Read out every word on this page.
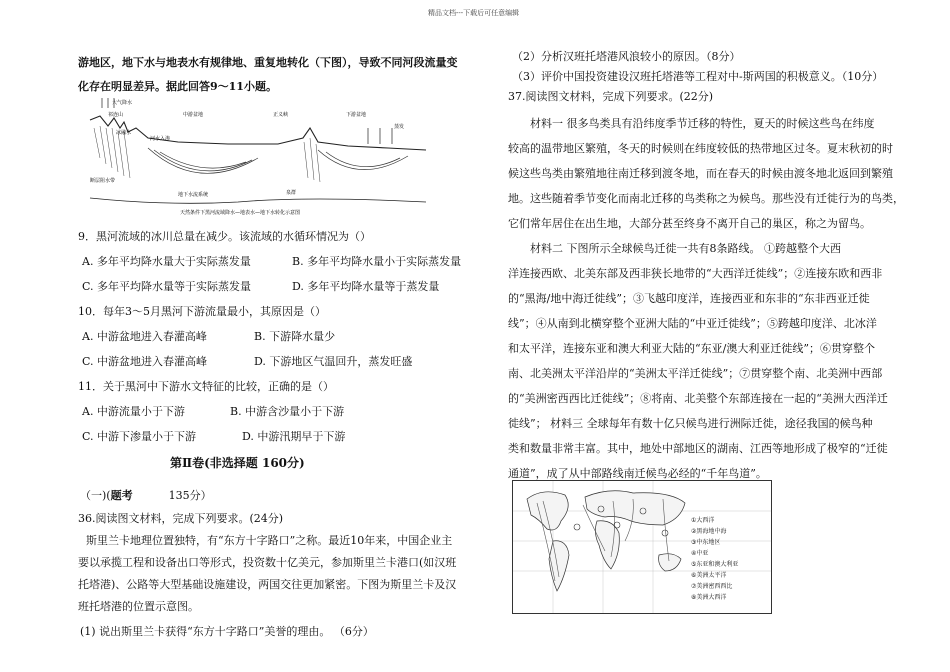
精品文档---下载后可任意编辑
游地区，地下水与地表水有规律地、重复地转化（下图），导致不同河段流量变
化存在明显差异。据此回答9～11小题。
大气降水
祁连山	中游盆地	正义峡	下游盆地
冰融水
河水入渗
断层阻水带
地下水流系统	泉群
蒸发
天然条件下黑河流域降水—地表水—地下水转化示意图
9．黑河流域的冰川总量在减少。该流域的水循环情况为（）
A. 多年平均降水量大于实际蒸发量	B. 多年平均降水量小于实际蒸发量
C. 多年平均降水量等于实际蒸发量	D. 多年平均降水量等于蒸发量
10．每年3～5月黑河下游流量最小，其原因是（）
A. 中游盆地进入春灌高峰	B. 下游降水量少
C. 中游盆地进入春灌高峰	D. 下游地区气温回升，蒸发旺盛
11．关于黑河中下游水文特征的比较，正确的是（）
A. 中游流量小于下游	B. 中游含沙量小于下游
C. 中游下渗量小于下游	D. 中游汛期早于下游
第Ⅱ卷(非选择题 160分)
（一)(题考	135分）
36.阅读图文材料，完成下列要求。(24分)
斯里兰卡地理位置独特，有“东方十字路口”之称。最近10年来，中国企业主
要以承揽工程和设备出口等形式，投资数十亿美元，参加斯里兰卡港口(如汉班
托塔港)、公路等大型基础设施建设，两国交往更加紧密。下图为斯里兰卡及汉
班托塔港的位置示意图。
(1) 说出斯里兰卡获得“东方十字路口”美誉的理由。 （6分）
（2）分析汉班托塔港风浪较小的原因。（8分）
（3）评价中国投资建设汉班托塔港等工程对中-斯两国的积极意义。（10分）
37.阅读图文材料，完成下列要求。(22分)
材料一 很多鸟类具有沿纬度季节迁移的特性，夏天的时候这些鸟在纬度
较高的温带地区繁殖，冬天的时候则在纬度较低的热带地区过冬。夏末秋初的时
候这些鸟类由繁殖地往南迁移到渡冬地，而在春天的时候由渡冬地北返回到繁殖
地。这些随着季节变化而南北迁移的鸟类称之为候鸟。那些没有迁徙行为的鸟类，
它们常年居住在出生地，大部分甚至终身不离开自己的巢区，称之为留鸟。
材料二 下图所示全球候鸟迁徙一共有8条路线。 ①跨越整个大西
洋连接西欧、北美东部及西非狭长地带的“大西洋迁徙线”；②连接东欧和西非
的“黑海/地中海迁徙线”；③飞越印度洋，连接西亚和东非的“东非西亚迁徙
线”；④从南到北横穿整个亚洲大陆的“中亚迁徙线”；⑤跨越印度洋、北冰洋
和太平洋，连接东亚和澳大利亚大陆的“东亚/澳大利亚迁徙线”；⑥贯穿整个
南、北美洲太平洋沿岸的“美洲太平洋迁徙线”；⑦贯穿整个南、北美洲中西部
的“美洲密西西比迁徙线”；⑧将南、北美整个东部连接在一起的“美洲大西洋迁
徙线”； 材料三 全球每年有数十亿只候鸟进行洲际迁徙，途径我国的候鸟种
类和数量非常丰富。其中，地处中部地区的湖南、江西等地形成了极窄的“迁徙
通道”，成了从中部路线南迁候鸟必经的“千年鸟道”。
①大西洋
②黑海地中海
③中东地区
④中亚
⑤东亚和澳大利亚
⑥美洲太平洋
⑦美洲密西西比
⑧美洲大西洋
